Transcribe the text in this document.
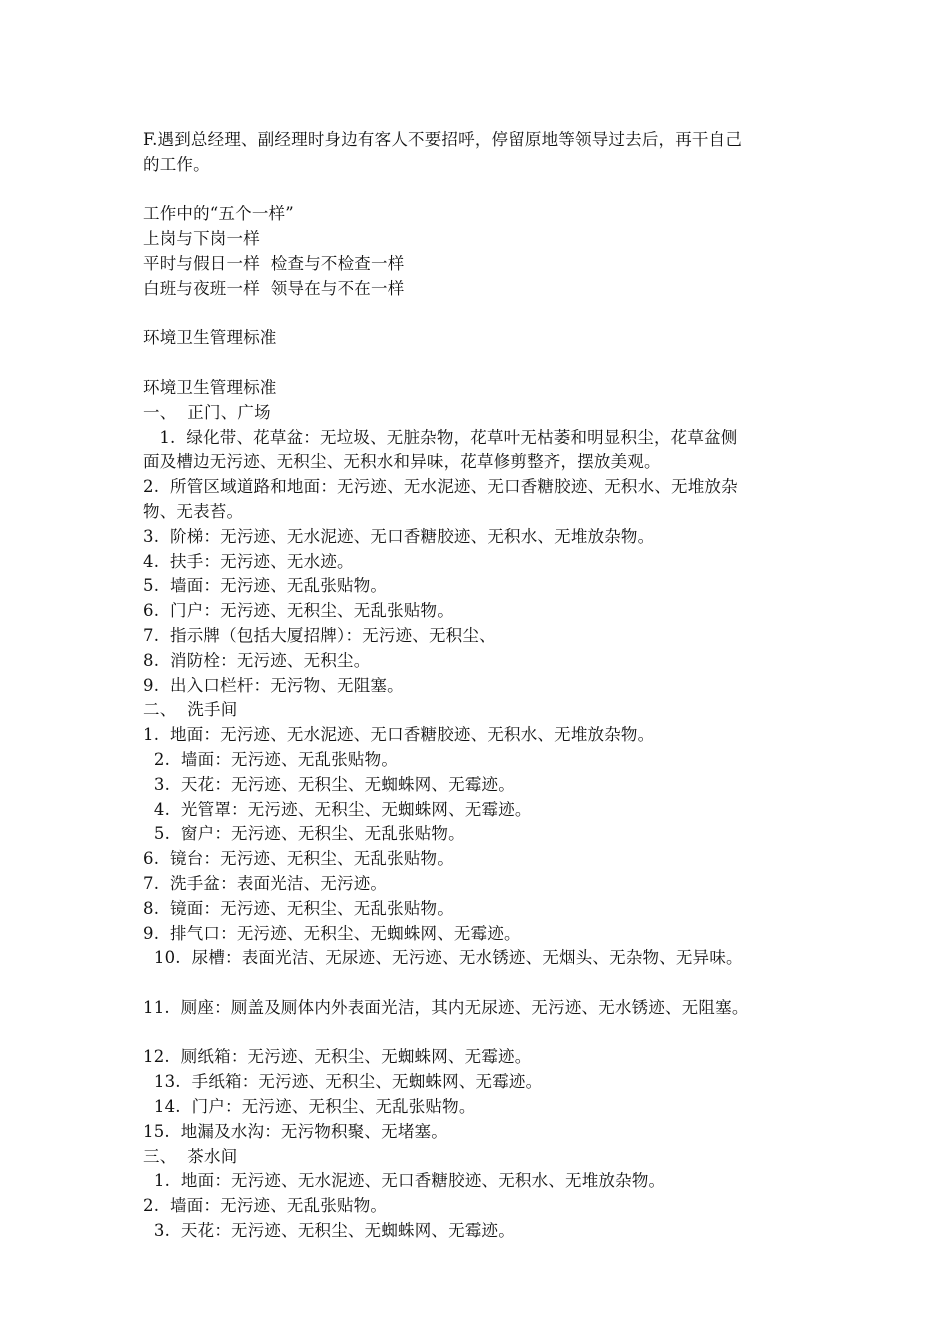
F.遇到总经理、副经理时身边有客人不要招呼，停留原地等领导过去后，再干自己
的工作。
工作中的“五个一样”
上岗与下岗一样
平时与假日一样  检查与不检查一样
白班与夜班一样  领导在与不在一样
环境卫生管理标准
环境卫生管理标准
一、  正门、广场
1.  绿化带、花草盆：无垃圾、无脏杂物，花草叶无枯萎和明显积尘，花草盆侧
面及槽边无污迹、无积尘、无积水和异味，花草修剪整齐，摆放美观。
2.  所管区域道路和地面：无污迹、无水泥迹、无口香糖胶迹、无积水、无堆放杂
物、无表苔。
3.  阶梯：无污迹、无水泥迹、无口香糖胶迹、无积水、无堆放杂物。
4.  扶手：无污迹、无水迹。
5.  墙面：无污迹、无乱张贴物。
6.  门户：无污迹、无积尘、无乱张贴物。
7.  指示牌（包括大厦招牌）：无污迹、无积尘、
8.  消防栓：无污迹、无积尘。
9.  出入口栏杆：无污物、无阻塞。
二、  洗手间
1.  地面：无污迹、无水泥迹、无口香糖胶迹、无积水、无堆放杂物。
2.  墙面：无污迹、无乱张贴物。
3.  天花：无污迹、无积尘、无蜘蛛网、无霉迹。
4.  光管罩：无污迹、无积尘、无蜘蛛网、无霉迹。
5.  窗户：无污迹、无积尘、无乱张贴物。
6.  镜台：无污迹、无积尘、无乱张贴物。
7.  洗手盆：表面光洁、无污迹。
8.  镜面：无污迹、无积尘、无乱张贴物。
9.  排气口：无污迹、无积尘、无蜘蛛网、无霉迹。
10.  尿槽：表面光洁、无尿迹、无污迹、无水锈迹、无烟头、无杂物、无异味。
11.  厕座：厕盖及厕体内外表面光洁，其内无尿迹、无污迹、无水锈迹、无阻塞。
12.  厕纸箱：无污迹、无积尘、无蜘蛛网、无霉迹。
13.  手纸箱：无污迹、无积尘、无蜘蛛网、无霉迹。
14.  门户：无污迹、无积尘、无乱张贴物。
15.  地漏及水沟：无污物积聚、无堵塞。
三、  茶水间
1.  地面：无污迹、无水泥迹、无口香糖胶迹、无积水、无堆放杂物。
2.  墙面：无污迹、无乱张贴物。
3.  天花：无污迹、无积尘、无蜘蛛网、无霉迹。
